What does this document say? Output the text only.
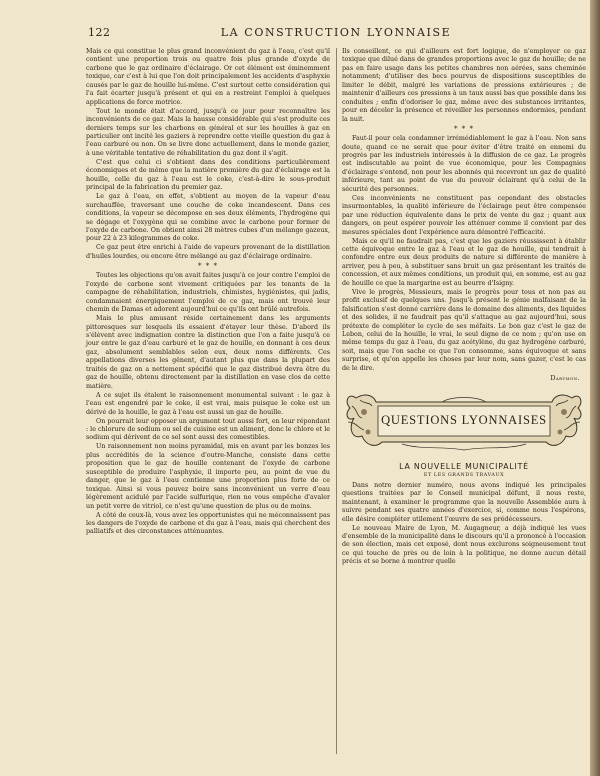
122	LA CONSTRUCTION LYONNAISE

Mais ce qui constitue le plus grand inconvénient du gaz à l'eau, c'est qu'il contient une proportion trois ou quatre fois plus grande d'oxyde de carbone que le gaz ordinaire d'éclairage. Or cet élément est éminemment toxique, car c'est à lui que l'on doit principalement les accidents d'asphyxie causés par le gaz de houille lui-même. C'est surtout cette considération qui l'a fait écarter jusqu'à présent et qui en a restreint l'emploi à quelques applications de force motrice.

Tout le monde était d'accord, jusqu'à ce jour pour reconnaître les inconvénients de ce gaz. Mais la hausse considérable qui s'est produite ces derniers temps sur les charbons en général et sur les houilles à gaz en particulier ont incité les gaziers à reprendre cette vieille question du gaz à l'eau carburé ou non. On se livre donc actuellement, dans le monde gazier, à une véritable tentative de réhabilitation du gaz dont il s'agit.

C'est que celui ci s'obtient dans des conditions particulièrement économiques et de même que la matière première du gaz d'éclairage est la houille, celle du gaz à l'eau est le coke, c'est-à-dire le sous-produit principal de la fabrication du premier gaz.

Le gaz à l'eau, en effet, s'obtient au moyen de la vapeur d'eau surchauffée, traversant une couche de coke incandescent. Dans ces conditions, la vapeur se décompose en ses deux éléments, l'hydrogène qui se dégage et l'oxygène qui se combine avec le carbone pour former de l'oxyde de carbone. On obtient ainsi 28 mètres cubes d'un mélange gazeux, pour 22 à 23 kilogrammes de coke.

Ce gaz peut être enrichi à l'aide de vapeurs provenant de la distillation d'huiles lourdes, ou encore être mélangé au gaz d'éclairage ordinaire.

* * *

Toutes les objections qu'on avait faites jusqu'à ce jour contre l'emploi de l'oxyde de carbone sont vivement critiquées par les tenants de la campagne de réhabilitation, industriels, chimistes, hygiénistes, qui jadis, condamnaient énergiquement l'emploi de ce gaz, mais ont trouvé leur chemin de Damas et adorent aujourd'hui ce qu'ils ont brûlé autrefois.

Mais le plus amusant réside certainement dans les arguments pittoresques sur lesquels ils essaient d'étayer leur thèse. D'abord ils s'élèvent avec indignation contre la distinction que l'on a faite jusqu'à ce jour entre le gaz d'eau carburé et le gaz de houille, en donnant à ces deux gaz, absolument semblables selon eux, deux noms différents. Ces appellations diverses les gênent, d'autant plus que dans la plupart des traités de gaz on a nettement spécifié que le gaz distribué devra être du gaz de houille, obtenu directement par la distillation en vase clos de cette matière.

A ce sujet ils étalent le raisonnement monumental suivant : le gaz à l'eau est engendré par le coke, il est vrai, mais puisque le coke est un dérivé de la houille, le gaz à l'eau est aussi un gaz de houille.

On pourrait leur opposer un argument tout aussi fort, en leur répondant : le chlorure de sodium ou sel de cuisine est un aliment, donc le chlore et le sodium qui dérivent de ce sel sont aussi des comestibles.

Un raisonnement non moins pyramidal, mis en avant par les bonzes les plus accrédités de la science d'outre-Manche, consiste dans cette proposition que le gaz de houille contenant de l'oxyde de carbone susceptible de produire l'asphyxie, il importe peu, au point de vue du danger, que le gaz à l'eau contienne une proportion plus forte de ce toxique. Ainsi si vous pouvez boire sans inconvénient un verre d'eau légèrement acidulé par l'acide sulfurique, rien ne vous empêche d'avaler un petit verre de vitriol, ce n'est qu'une question de plus ou de moins.

A côté de ceux-là, vous avez les opportunistes qui ne méconnaissent pas les dangers de l'oxyde de carbone et du gaz à l'eau, mais qui cherchent des palliatifs et des circonstances atténuantes.

Ils conseillent, ce qui d'ailleurs est fort logique, de n'employer ce gaz toxique que dilué dans de grandes proportions avec le gaz de houille; de ne pas en faire usage dans les petites chambres non aérées, sans cheminée notamment; d'utiliser des becs pourvus de dispositions susceptibles de limiter le débit, malgré les variations de pressions extérieures ; de maintenir d'ailleurs ces pressions à un taux aussi bas que possible dans les conduites ; enfin d'odoriser le gaz, même avec des substances irritantes, pour en déceler la présence et réveiller les personnes endormies, pendant la nuit.

* * *

Faut-il pour cela condamner irrémédiablement le gaz à l'eau. Non sans doute, quand ce ne serait que pour éviter d'être traité en ennemi du progrès par les industriels intéressés à la diffusion de ce gaz. Le progrès est indiscutable au point de vue économique, pour les Compagnies d'éclairage s'entend, non pour les abonnés qui recevront un gaz de qualité inférieure, tant au point de vue du pouvoir éclairant qu'à celui de la sécurité des personnes.

Ces inconvénients ne constituent pas cependant des obstacles insurmontables, la qualité inférieure de l'éclairage peut être compensée par une réduction équivalente dans le prix de vente du gaz ; quant aux dangers, on peut espérer pouvoir les atténuer comme il convient par des mesures spéciales dont l'expérience aura démontré l'efficacité.

Mais ce qu'il ne faudrait pas, c'est que les gaziers réussissent à établir cette équivoque entre le gaz à l'eau et le gaz de houille, qui tendrait à confondre entre eux deux produits de nature si différente de manière à arriver, peu à peu, à substituer sans bruit un gaz présentant les traités de concession, et aux mêmes conditions, un produit qui, en somme, est au gaz de houille ce que la margarine est au beurre d'Isigny.

Vive le progrès, Messieurs, mais le progrès pour tous et non pas au profit exclusif de quelques uns. Jusqu'à présent le génie malfaisant de la falsification s'est donné carrière dans le domaine des aliments, des liquides et des solides, il ne faudrait pas qu'il s'attaque au gaz aujourd'hui, sous prétexte de compléter le cycle de ses méfaits. Le bon gaz c'est le gaz de Lebon, celui de la houille, le vrai, le seul digne de ce nom ; qu'on use en même temps du gaz à l'eau, du gaz acétylène, du gaz hydrogène carburé, soit, mais que l'on sache ce que l'on consomme, sans équivoque et sans surprise, et qu'on appelle les choses par leur nom, sans gazer, c'est le cas de le dire.

Darymon.
QUESTIONS LYONNAISES
LA NOUVELLE MUNICIPALITÉ
ET LES GRANDS TRAVAUX

Dans notre dernier numéro, nous avons indiqué les principales questions traitées par le Conseil municipal défunt, il nous reste, maintenant, à examiner le programme que la nouvelle Assemblée aura à suivre pendant ses quatre années d'exercice, si, comme nous l'espérons, elle désire compléter utilement l'œuvre de ses prédécesseurs.

Le nouveau Maire de Lyon, M. Augagneur, a déjà indiqué les vues d'ensemble de la municipalité dans le discours qu'il a prononcé à l'occasion de son élection, mais cet exposé, dont nous exclurons soigneusement tout ce qui touche de près ou de loin à la politique, ne donne aucun détail précis et se borne à montrer quelle
